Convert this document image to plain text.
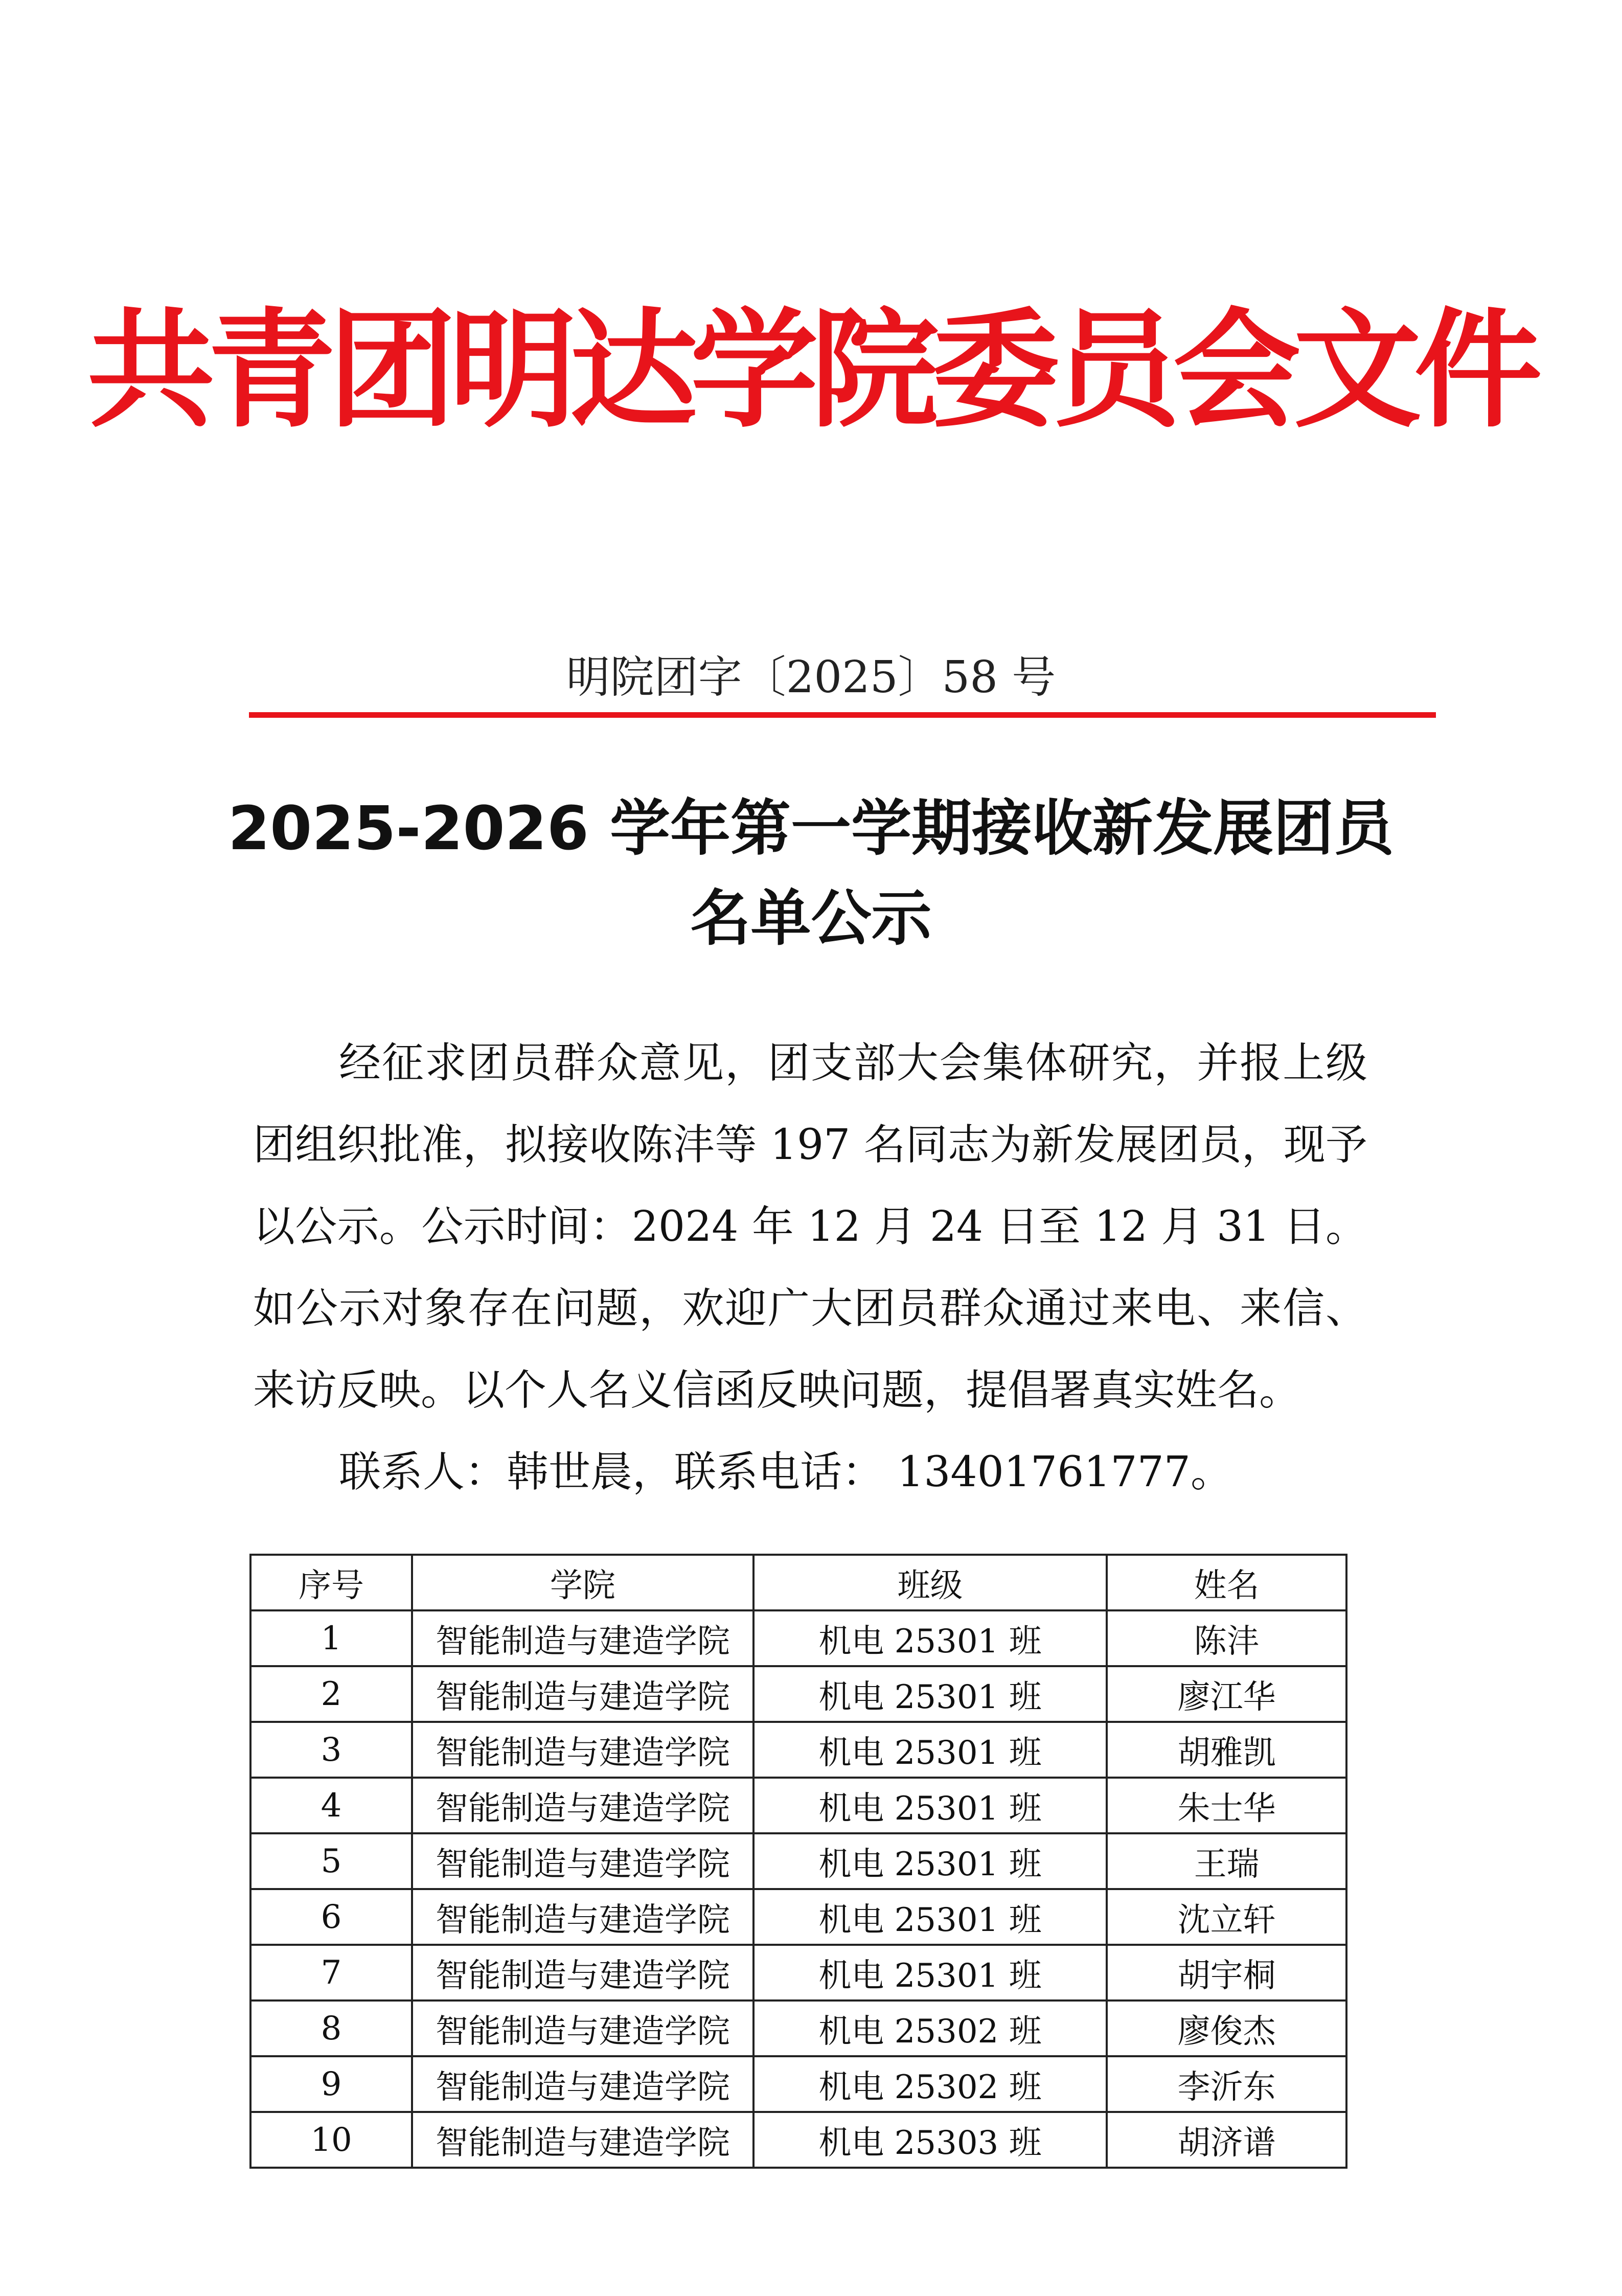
共青团明达学院委员会文件
明院团字〔2025〕58 号
2025-2026 学年第一学期接收新发展团员
名单公示

经征求团员群众意见，团支部大会集体研究，并报上级团组织批准，拟接收陈沣等 197 名同志为新发展团员，现予以公示。公示时间：2024 年 12 月 24 日至 12 月 31 日。如公示对象存在问题，欢迎广大团员群众通过来电、来信、来访反映。以个人名义信函反映问题，提倡署真实姓名。

联系人：韩世晨，联系电话： 13401761777。

序号	学院	班级	姓名
1	智能制造与建造学院	机电 25301 班	陈沣
2	智能制造与建造学院	机电 25301 班	廖江华
3	智能制造与建造学院	机电 25301 班	胡雅凯
4	智能制造与建造学院	机电 25301 班	朱士华
5	智能制造与建造学院	机电 25301 班	王瑞
6	智能制造与建造学院	机电 25301 班	沈立轩
7	智能制造与建造学院	机电 25301 班	胡宇桐
8	智能制造与建造学院	机电 25302 班	廖俊杰
9	智能制造与建造学院	机电 25302 班	李沂东
10	智能制造与建造学院	机电 25303 班	胡济谱
